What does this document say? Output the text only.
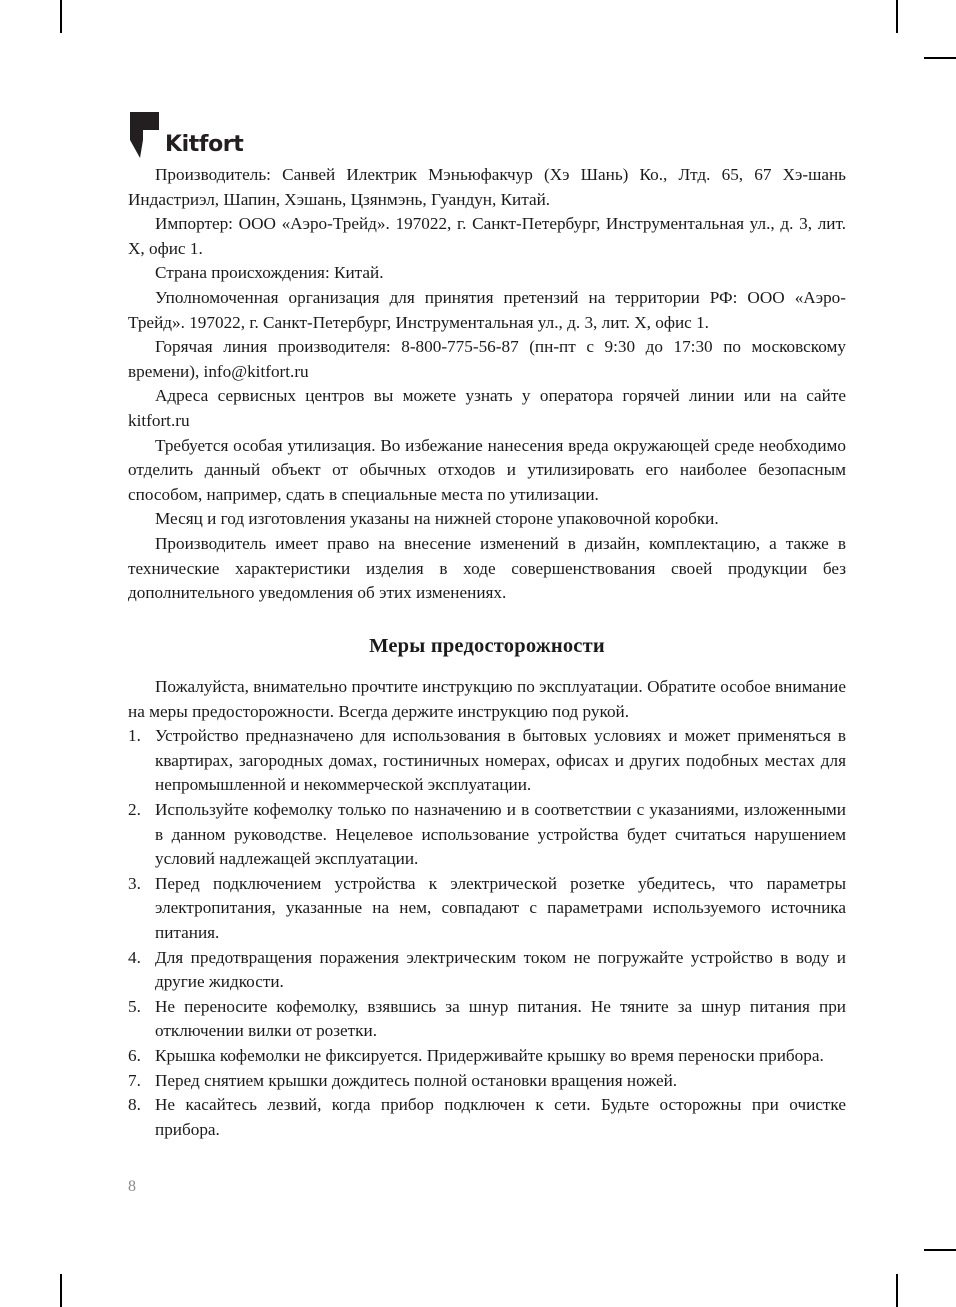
Kitfort

Производитель: Санвей Илектрик Мэньюфакчур (Хэ Шань) Ко., Лтд. 65, 67 Хэ-шань Индастриэл, Шапин, Хэшань, Цзянмэнь, Гуандун, Китай.

Импортер: ООО «Аэро-Трейд». 197022, г. Санкт-Петербург, Инструментальная ул., д. 3, лит. X, офис 1.

Страна происхождения: Китай.

Уполномоченная организация для принятия претензий на территории РФ: ООО «Аэро-Трейд». 197022, г. Санкт-Петербург, Инструментальная ул., д. 3, лит. X, офис 1.

Горячая линия производителя: 8-800-775-56-87 (пн-пт с 9:30 до 17:30 по московскому времени), info@kitfort.ru

Адреса сервисных центров вы можете узнать у оператора горячей линии или на сайте kitfort.ru

Требуется особая утилизация. Во избежание нанесения вреда окружающей среде необходимо отделить данный объект от обычных отходов и утилизировать его наиболее безопасным способом, например, сдать в специальные места по утилизации.

Месяц и год изготовления указаны на нижней стороне упаковочной коробки.

Производитель имеет право на внесение изменений в дизайн, комплектацию, а также в технические характеристики изделия в ходе совершенствования своей продукции без дополнительного уведомления об этих изменениях.

Меры предосторожности

Пожалуйста, внимательно прочтите инструкцию по эксплуатации. Обратите особое внимание на меры предосторожности. Всегда держите инструкцию под рукой.

Устройство предназначено для использования в бытовых условиях и может применяться в квартирах, загородных домах, гостиничных номерах, офисах и других подобных местах для непромышленной и некоммерческой эксплуатации.
Используйте кофемолку только по назначению и в соответствии с указаниями, изложенными в данном руководстве. Нецелевое использование устройства будет считаться нарушением условий надлежащей эксплуатации.
Перед подключением устройства к электрической розетке убедитесь, что параметры электропитания, указанные на нем, совпадают с параметрами используемого источника питания.
Для предотвращения поражения электрическим током не погружайте устройство в воду и другие жидкости.
Не переносите кофемолку, взявшись за шнур питания. Не тяните за шнур питания при отключении вилки от розетки.
Крышка кофемолки не фиксируется. Придерживайте крышку во время переноски прибора.
Перед снятием крышки дождитесь полной остановки вращения ножей.
Не касайтесь лезвий, когда прибор подключен к сети. Будьте осторожны при очистке прибора.
8
